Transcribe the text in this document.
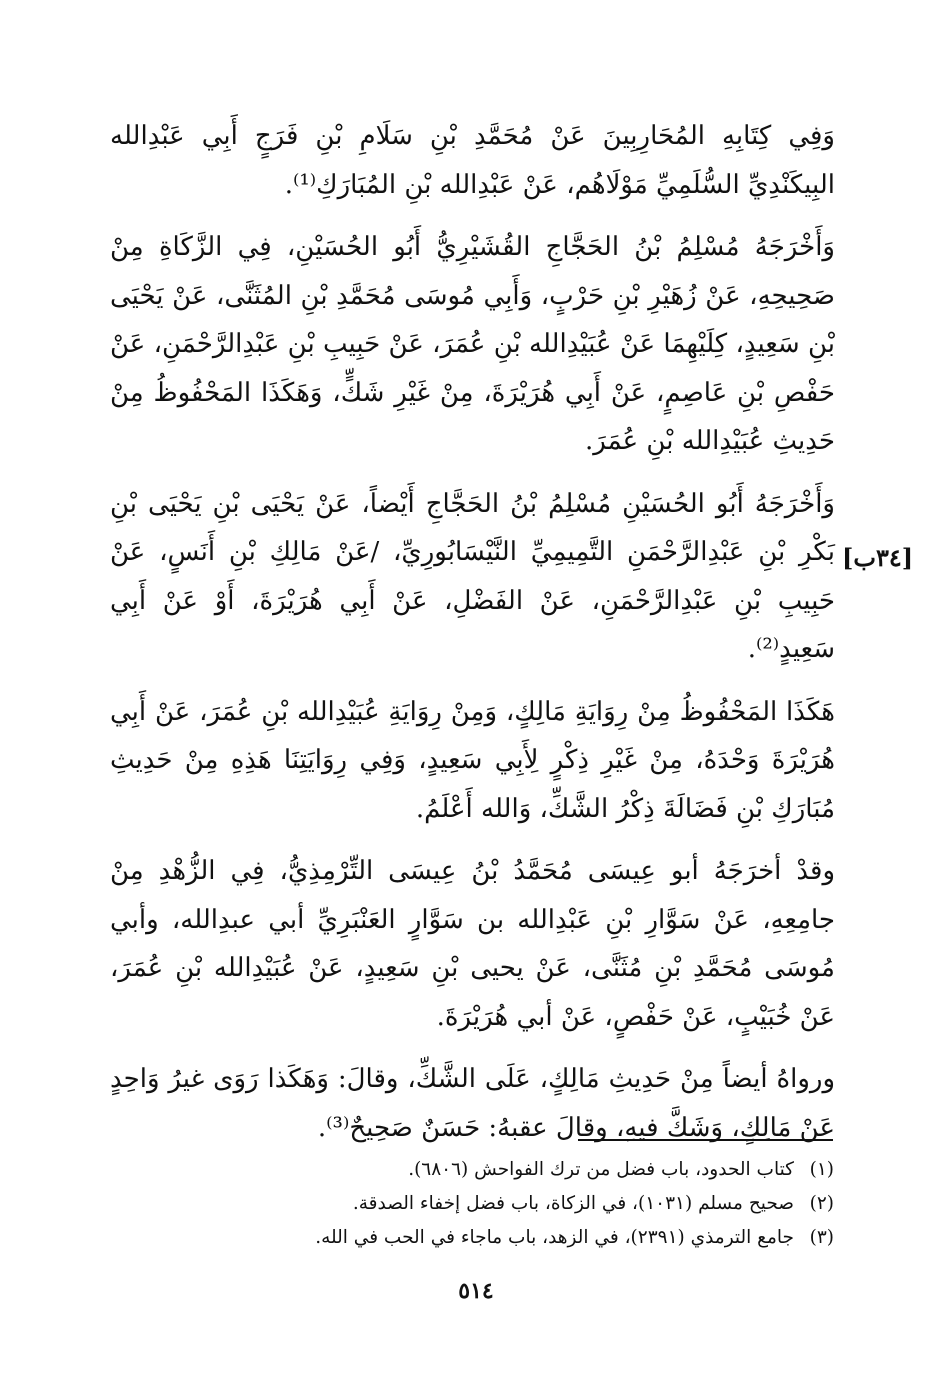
وَفِي كِتَابِهِ المُحَارِبِينَ عَنْ مُحَمَّدِ بْنِ سَلَامِ بْنِ فَرَجٍ أَبِي عَبْدِالله البِيكَنْدِيِّ السُّلَمِيِّ مَوْلَاهُم، عَنْ عَبْدِالله بْنِ المُبَارَكِ⁽¹⁾.

وَأَخْرَجَهُ مُسْلِمُ بْنُ الحَجَّاجِ القُشَيْرِيُّ أَبُو الحُسَيْنِ، فِي الزَّكَاةِ مِنْ صَحِيحِهِ، عَنْ زُهَيْرِ بْنِ حَرْبٍ، وَأَبِي مُوسَى مُحَمَّدِ بْنِ المُثَنَّى، عَنْ يَحْيَى بْنِ سَعِيدٍ، كِلَيْهِمَا عَنْ عُبَيْدِالله بْنِ عُمَرَ، عَنْ حَبِيبِ بْنِ عَبْدِالرَّحْمَنِ، عَنْ حَفْصِ بْنِ عَاصِمٍ، عَنْ أَبِي هُرَيْرَةَ، مِنْ غَيْرِ شَكٍّ، وَهَكَذَا المَحْفُوظُ مِنْ حَدِيثِ عُبَيْدِالله بْنِ عُمَرَ.

وَأَخْرَجَهُ أَبُو الحُسَيْنِ مُسْلِمُ بْنُ الحَجَّاجِ أَيْضاً، عَنْ يَحْيَى بْنِ يَحْيَى بْنِ بَكْرِ بْنِ عَبْدِالرَّحْمَنِ التَّمِيمِيِّ النَّيْسَابُورِيِّ، /عَنْ مَالِكِ بْنِ أَنَسٍ، عَنْ حَبِيبِ بْنِ عَبْدِالرَّحْمَنِ، عَنْ الفَضْلِ، عَنْ أَبِي هُرَيْرَةَ، أَوْ عَنْ أَبِي سَعِيدٍ⁽²⁾.

هَكَذَا المَحْفُوظُ مِنْ رِوَايَةِ مَالِكٍ، وَمِنْ رِوَايَةِ عُبَيْدِالله بْنِ عُمَرَ، عَنْ أَبِي هُرَيْرَةَ وَحْدَهُ، مِنْ غَيْرِ ذِكْرٍ لِأَبِي سَعِيدٍ، وَفِي رِوَايَتِنَا هَذِهِ مِنْ حَدِيثِ مُبَارَكِ بْنِ فَضَالَةَ ذِكْرُ الشَّكِّ، وَالله أَعْلَمُ.

وقدْ أخرَجَهُ أبو عِيسَى مُحَمَّدُ بْنُ عِيسَى التِّرْمِذِيُّ، فِي الزُّهْدِ مِنْ جامِعِهِ، عَنْ سَوَّارِ بْنِ عَبْدِالله بن سَوَّارٍ العَنْبَرِيِّ أبي عبدِالله، وأبي مُوسَى مُحَمَّدِ بْنِ مُثَنَّى، عَنْ يحيى بْنِ سَعِيدٍ، عَنْ عُبَيْدِالله بْنِ عُمَرَ، عَنْ خُبَيْبٍ، عَنْ حَفْصٍ، عَنْ أبي هُرَيْرَةَ.

ورواهُ أيضاً مِنْ حَدِيثِ مَالِكٍ، عَلَى الشَّكِّ، وقالَ: وَهَكَذا رَوَى غيرُ وَاحِدٍ عَنْ مَالِكٍ، وَشَكَّ فيهِ، وقالَ عقبهُ: حَسَنٌ صَحِيحٌ⁽³⁾.

[٣٤ب]
(١)
كتاب الحدود، باب فضل من ترك الفواحش (٦٨٠٦).
(٢)
صحيح مسلم (١٠٣١)، في الزكاة، باب فضل إخفاء الصدقة.
(٣)
جامع الترمذي (٢٣٩١)، في الزهد، باب ماجاء في الحب في الله.
٥١٤
